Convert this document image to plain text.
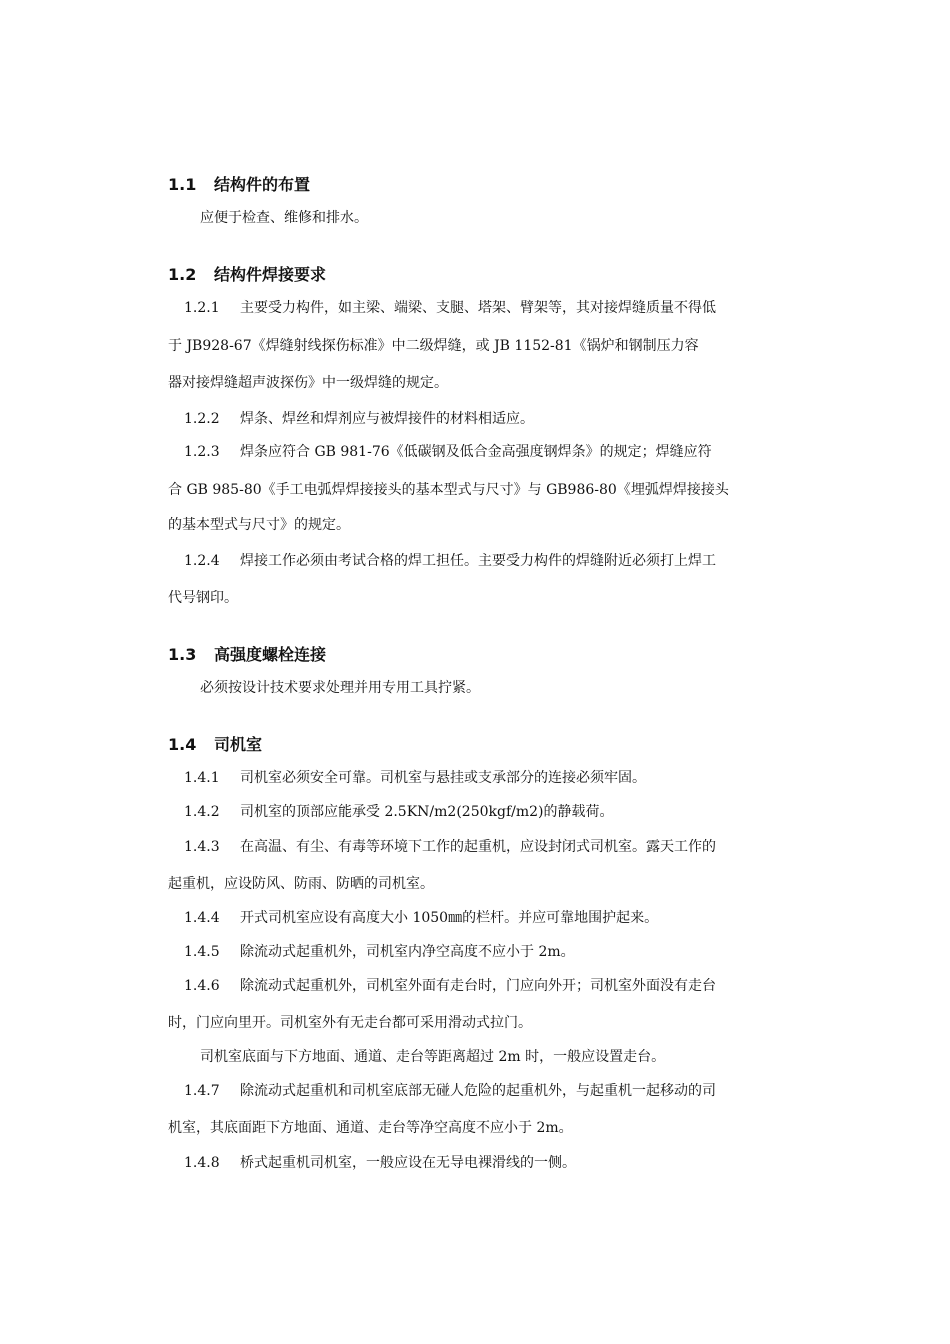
1.1 结构件的布置
应便于检查、维修和排水。
1.2 结构件焊接要求
1.2.1 主要受力构件，如主梁、端梁、支腿、塔架、臂架等，其对接焊缝质量不得低
于 JB928-67《焊缝射线探伤标准》中二级焊缝，或 JB 1152-81《锅炉和钢制压力容
器对接焊缝超声波探伤》中一级焊缝的规定。
1.2.2 焊条、焊丝和焊剂应与被焊接件的材料相适应。
1.2.3 焊条应符合 GB 981-76《低碳钢及低合金高强度钢焊条》的规定；焊缝应符
合 GB 985-80《手工电弧焊焊接接头的基本型式与尺寸》与 GB986-80《埋弧焊焊接接头
的基本型式与尺寸》的规定。
1.2.4 焊接工作必须由考试合格的焊工担任。主要受力构件的焊缝附近必须打上焊工
代号钢印。
1.3 高强度螺栓连接
必须按设计技术要求处理并用专用工具拧紧。
1.4 司机室
1.4.1 司机室必须安全可靠。司机室与悬挂或支承部分的连接必须牢固。
1.4.2 司机室的顶部应能承受 2.5KN/m2(250kgf/m2)的静载荷。
1.4.3 在高温、有尘、有毒等环境下工作的起重机，应设封闭式司机室。露天工作的
起重机，应设防风、防雨、防晒的司机室。
1.4.4 开式司机室应设有高度大小 1050㎜的栏杆。并应可靠地围护起来。
1.4.5 除流动式起重机外，司机室内净空高度不应小于 2m。
1.4.6 除流动式起重机外，司机室外面有走台时，门应向外开；司机室外面没有走台
时，门应向里开。司机室外有无走台都可采用滑动式拉门。
司机室底面与下方地面、通道、走台等距离超过 2m 时，一般应设置走台。
1.4.7 除流动式起重机和司机室底部无碰人危险的起重机外，与起重机一起移动的司
机室，其底面距下方地面、通道、走台等净空高度不应小于 2m。
1.4.8 桥式起重机司机室，一般应设在无导电裸滑线的一侧。
